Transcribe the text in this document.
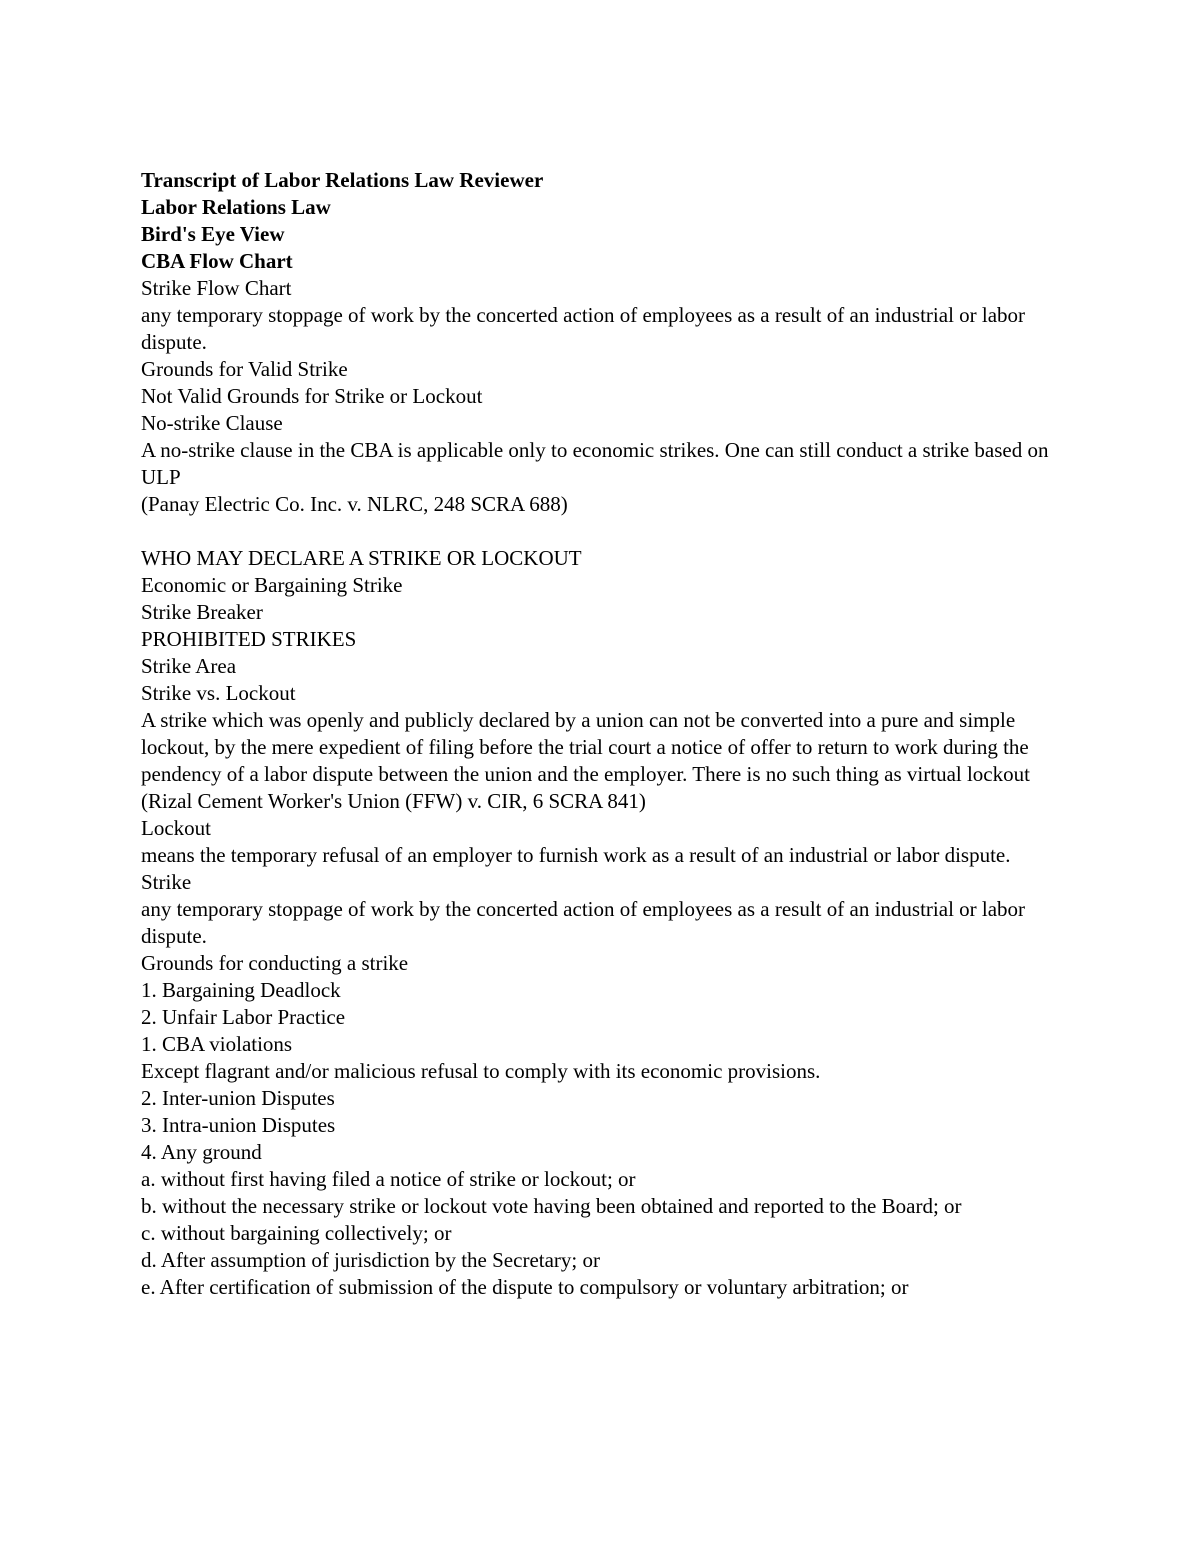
Transcript of Labor Relations Law Reviewer

Labor Relations Law

Bird's Eye View

CBA Flow Chart

Strike Flow Chart

any temporary stoppage of work by the concerted action of employees as a result of an industrial or labor dispute.

Grounds for Valid Strike

Not Valid Grounds for Strike or Lockout

No-strike Clause

A no-strike clause in the CBA is applicable only to economic strikes. One can still conduct a strike based on ULP

(Panay Electric Co. Inc. v. NLRC, 248 SCRA 688)

WHO MAY DECLARE A STRIKE OR LOCKOUT

Economic or Bargaining Strike

Strike Breaker

PROHIBITED STRIKES

Strike Area

Strike vs. Lockout

A strike which was openly and publicly declared by a union can not be converted into a pure and simple lockout, by the mere expedient of filing before the trial court a notice of offer to return to work during the pendency of a labor dispute between the union and the employer. There is no such thing as virtual lockout

(Rizal Cement Worker's Union (FFW) v. CIR, 6 SCRA 841)

Lockout

means the temporary refusal of an employer to furnish work as a result of an industrial or labor dispute.

Strike

any temporary stoppage of work by the concerted action of employees as a result of an industrial or labor dispute.

Grounds for conducting a strike

1. Bargaining Deadlock

2. Unfair Labor Practice

1. CBA violations

Except flagrant and/or malicious refusal to comply with its economic provisions.

2. Inter-union Disputes

3. Intra-union Disputes

4. Any ground

a. without first having filed a notice of strike or lockout; or

b. without the necessary strike or lockout vote having been obtained and reported to the Board; or

c. without bargaining collectively; or

d. After assumption of jurisdiction by the Secretary; or

e. After certification of submission of the dispute to compulsory or voluntary arbitration; or
